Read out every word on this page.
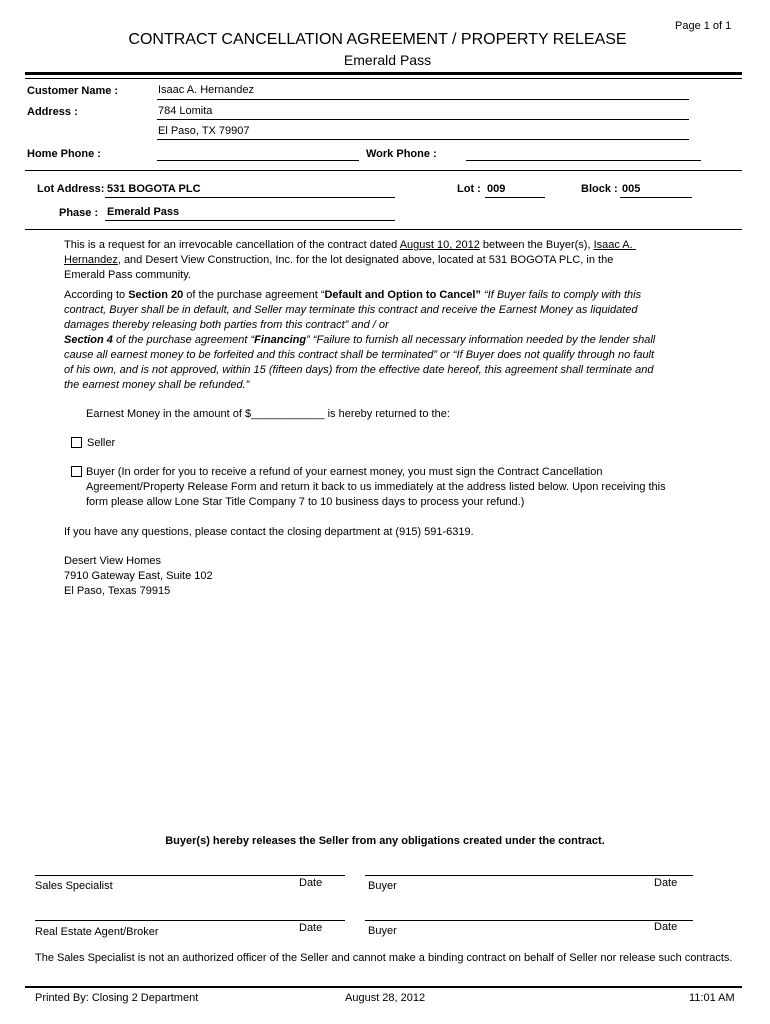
Page 1 of 1
CONTRACT CANCELLATION AGREEMENT / PROPERTY RELEASE
Emerald Pass
Customer Name :	Isaac A. Hernandez
Address :	784 Lomita
El Paso, TX 79907
Home Phone :	Work Phone :
Lot Address: 531 BOGOTA PLC	Lot : 009	Block : 005
Phase : Emerald Pass
This is a request for an irrevocable cancellation of the contract dated August 10, 2012 between the Buyer(s), Isaac A.
Hernandez, and Desert View Construction, Inc. for the lot designated above, located at 531 BOGOTA PLC, in the
Emerald Pass community.
According to Section 20 of the purchase agreement “Default and Option to Cancel” “If Buyer fails to comply with this contract, Buyer shall be in default, and Seller may terminate this contract and receive the Earnest Money as liquidated damages thereby releasing both parties from this contract” and / or
Section 4 of the purchase agreement “Financing” “Failure to furnish all necessary information needed by the lender shall cause all earnest money to be forfeited and this contract shall be terminated” or “If Buyer does not qualify through no fault of his own, and is not approved, within 15 (fifteen days) from the effective date hereof, this agreement shall terminate and the earnest money shall be refunded.”
Earnest Money in the amount of $____________ is hereby returned to the:
Seller
Buyer (In order for you to receive a refund of your earnest money, you must sign the Contract Cancellation Agreement/Property Release Form and return it back to us immediately at the address listed below. Upon receiving this form please allow Lone Star Title Company 7 to 10 business days to process your refund.)
If you have any questions, please contact the closing department at (915) 591-6319.
Desert View Homes
7910 Gateway East, Suite 102
El Paso, Texas 79915
Buyer(s) hereby releases the Seller from any obligations created under the contract.
Sales Specialist	Date	Buyer	Date
Real Estate Agent/Broker	Date	Buyer	Date
The Sales Specialist is not an authorized officer of the Seller and cannot make a binding contract on behalf of Seller nor release such contracts.
Printed By: Closing 2 Department	August 28, 2012	11:01 AM
